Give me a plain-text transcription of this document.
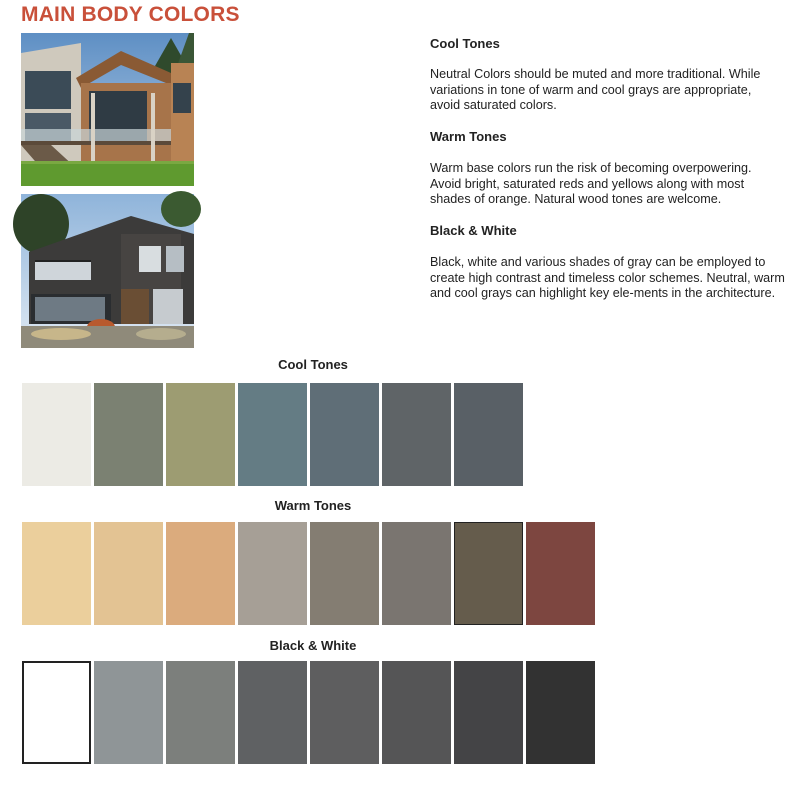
MAIN BODY COLORS
Cool Tones

Neutral Colors should be muted and more traditional. While variations in tone of warm and cool grays are appropriate, avoid saturated colors.

Warm Tones

Warm base colors run the risk of becoming overpowering. Avoid bright, saturated reds and yellows along with most shades of orange. Natural wood tones are welcome.

Black & White

Black, white and various shades of gray can be employed to create high contrast and timeless color schemes. Neutral, warm and cool grays can highlight key ele-ments in the architecture.

Cool Tones
Warm Tones
Black & White
